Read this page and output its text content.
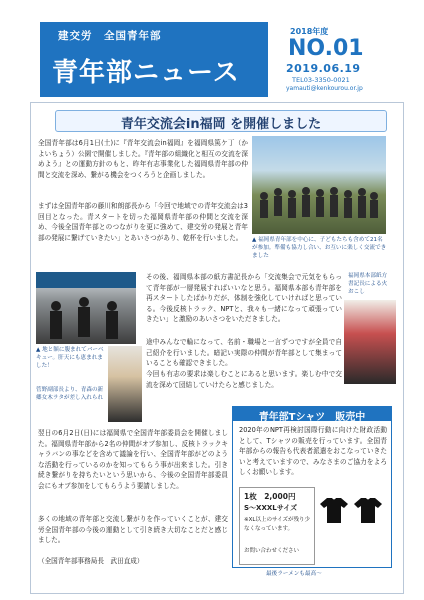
建交労　全国青年部
青年部ニュース
2018年度
NO.01
2019.06.19
TEL03-3350-0021
yamauti@kenkourou.or.jp
青年交流会in福岡 を開催しました
全国青年部は6月1日(土)に『青年交流会in福岡』を福岡県篤ケ丁（かよいちょう）公園で開催しました。『青年部の組織化と相互の交流を深めよう』との運動方針のもと、昨年有志事業化した福岡県青年部の仲間と交流を深め、繋がる機会をつくろうと企画しました。
まずは全国青年部の藤川和朗部長から「今回で地域での青年交流会は3回目となった。青スタートを切った福岡県青年部の仲間と交流を深め、今後全国青年部とのつながりを更に強めて、建交労の発展と青年部の発展に繋げていきたい」とあいさつがあり、乾杯を行いました。	▲ 福岡県青年部を中心に、子どもたちも含めて21名が参加。準備も協力し合い、お互いに楽しく交流できました
▲ 地と額に腹まれてバーベキュー。肝天にも恵まれました！
菅野副部長より、青森の新郷女木ラタが差し入れられ
その後、福岡県本部の紙方書記長から「交流集会で元気をもらって青年部が一層発展すればいいなと思う。福岡県本部も青年部を再スタートしたばかりだが、体制を強化していければと思っている。今後反核トラック、NPTと、我々も一緒になって頑張っていきたい」と激励のあいさつをいただきました。
途中みんなで輪になって、名前・職場と一言ずつですが全員で自己紹介を行いました。暗記い実際の仲間が青年部として集まっていることも確認できました。
今回も有志の要求は楽しむことにあると思います。楽しむ中で交流を深めて団結していけたらと感じました。
福岡県本部紙方書記長による火おこし
翌日の6月2日(日)には福岡県で全国青年部委員会を開催しました。福岡県青年部から2名の仲間がオブ参加し、反核トラックキャラバンの事などを含めて議論を行い、全国青年部がどのような活動を行っているのかを知ってもらう事が出来ました。引き続き繋がりを持ちたいという思いから、今後の全国青年部委員会にもオブ参加をしてもらうよう要請しました。
多くの地域の青年部と交流し繋がりを作っていくことが、建交労全国青年部の今後の運動として引き続き大切なことだと感じました。
（全国青年部事務局長　武田直成）
最後ラーメンも最高〜
青年部Tシャツ　販売中
2020年のNPT再検討国際行動に向けた財政活動として、Tシャツの販売を行っています。全国青年部からの報告も代表者派遣をおこなっていきたいと考えていますので、みなさまのご協力をよろしくお願いします。
1枚　2,000円
S～XXXLサイズ
※XL以上のサイズが残り少なくなっています。
お問い合わせください
